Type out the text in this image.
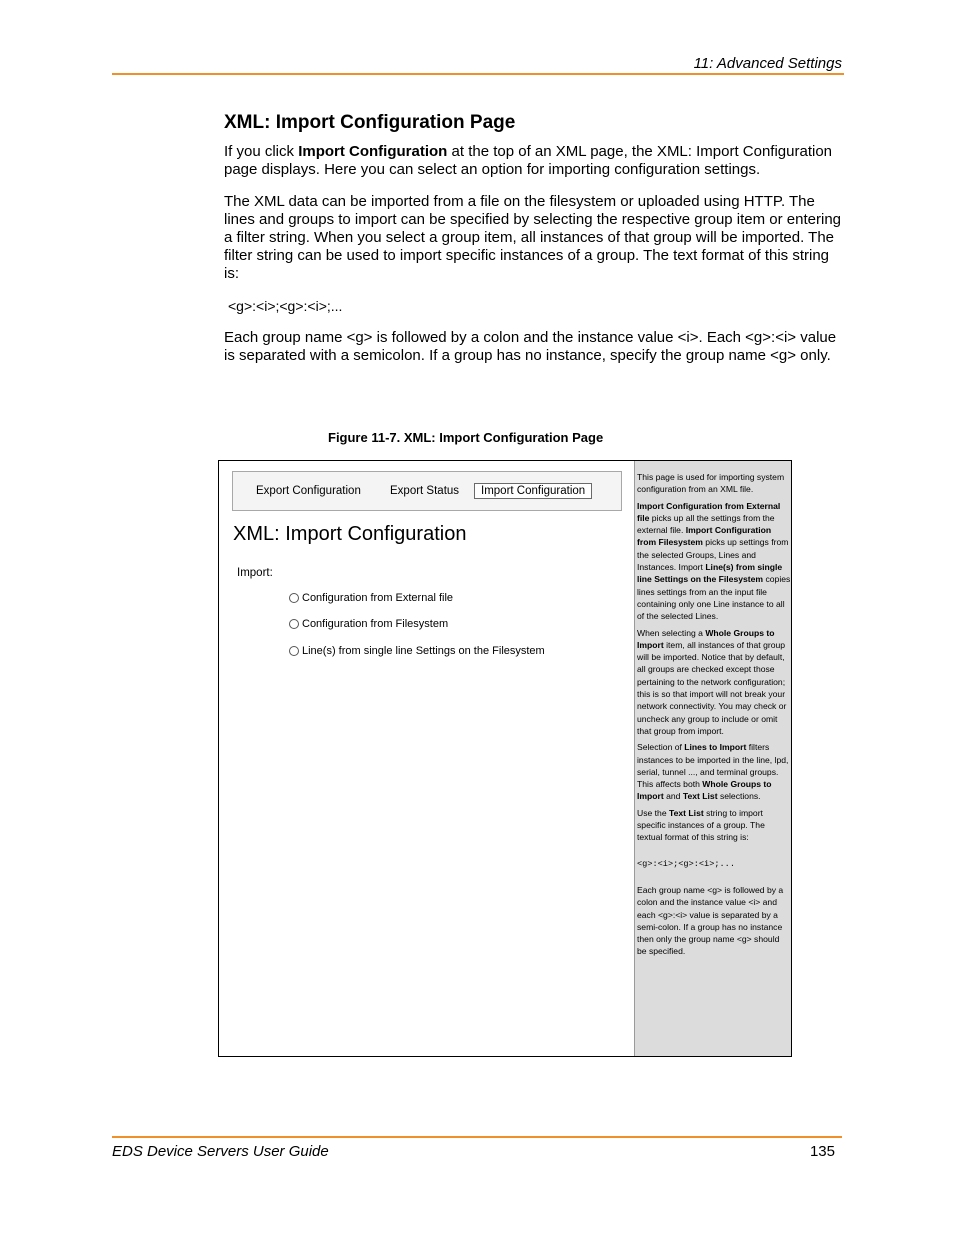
11: Advanced Settings
XML: Import Configuration Page

If you click Import Configuration at the top of an XML page, the XML: Import Configuration page displays. Here you can select an option for importing configuration settings.

The XML data can be imported from a file on the filesystem or uploaded using HTTP. The lines and groups to import can be specified by selecting the respective group item or entering a filter string. When you select a group item, all instances of that group will be imported. The filter string can be used to import specific instances of a group. The text format of this string is:

<g>:<i>;<g>:<i>;...

Each group name <g> is followed by a colon and the instance value <i>. Each <g>:<i> value is separated with a semicolon. If a group has no instance, specify the group name <g> only.

Figure 11-7. XML: Import Configuration Page
Export Configuration	Export Status	Import Configuration
XML: Import Configuration
Import:
Configuration from External file
Configuration from Filesystem
Line(s) from single line Settings on the Filesystem
This page is used for importing system configuration from an XML file.
Import Configuration from External file picks up all the settings from the external file. Import Configuration from Filesystem picks up settings from the selected Groups, Lines and Instances. Import Line(s) from single line Settings on the Filesystem copies lines settings from an the input file containing only one Line instance to all of the selected Lines.
When selecting a Whole Groups to Import item, all instances of that group will be imported. Notice that by default, all groups are checked except those pertaining to the network configuration; this is so that import will not break your network connectivity. You may check or uncheck any group to include or omit that group from import.
Selection of Lines to Import filters instances to be imported in the line, lpd, serial, tunnel ..., and terminal groups. This affects both Whole Groups to Import and Text List selections.
Use the Text List string to import specific instances of a group. The textual format of this string is:
<g>:<i>;<g>:<i>;...
Each group name <g> is followed by a colon and the instance value <i> and each <g>:<i> value is separated by a semi-colon. If a group has no instance then only the group name <g> should be specified.
EDS Device Servers User Guide	135
